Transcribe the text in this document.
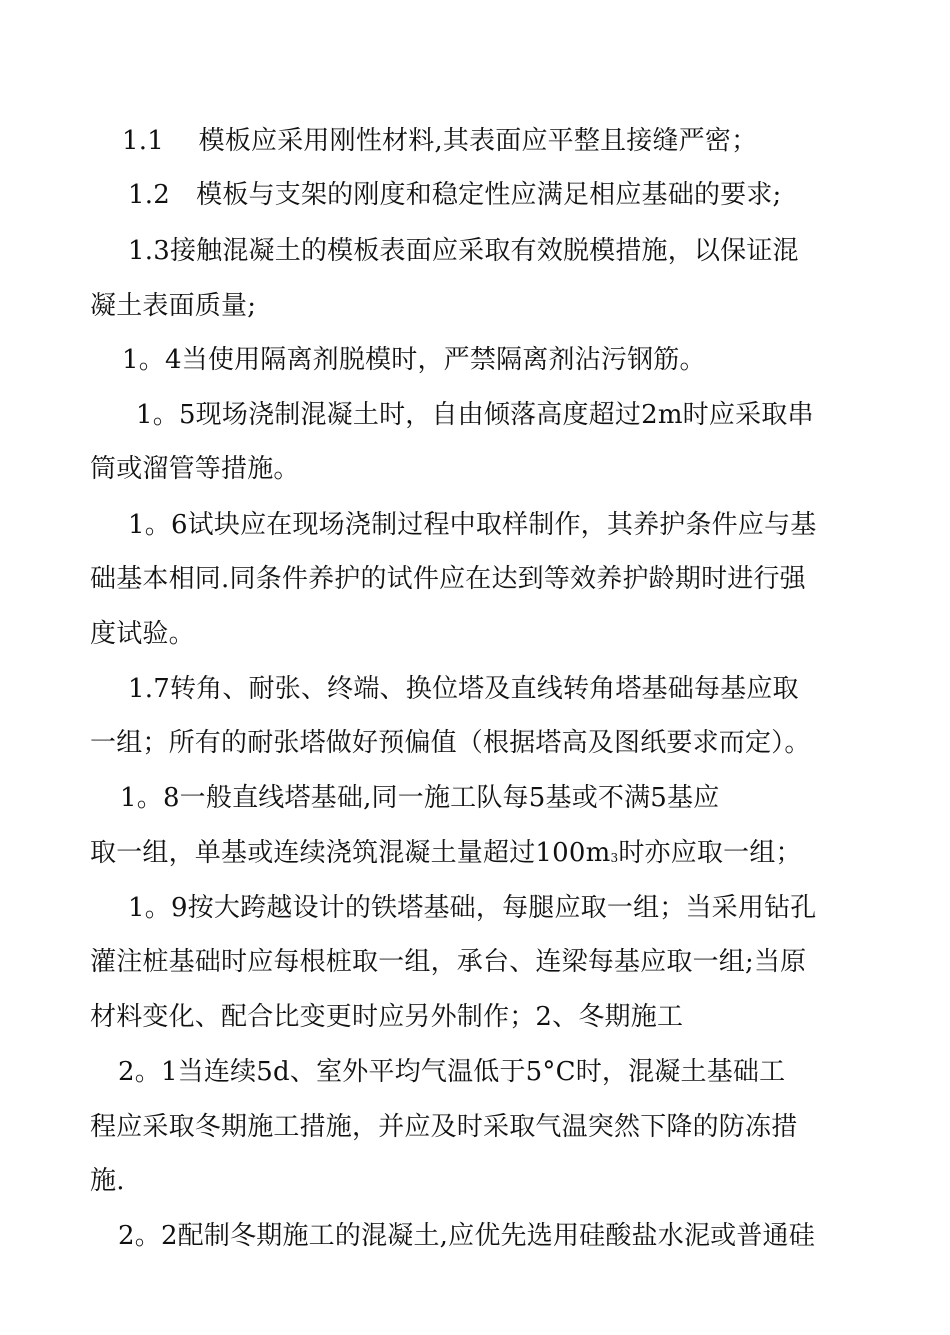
1.1　 模板应采用刚性材料,其表面应平整且接缝严密；
1.2　模板与支架的刚度和稳定性应满足相应基础的要求;
1.3接触混凝土的模板表面应采取有效脱模措施，以保证混
凝土表面质量;
1。4当使用隔离剂脱模时，严禁隔离剂沾污钢筋。
1。5现场浇制混凝土时，自由倾落高度超过2m时应采取串
筒或溜管等措施。
1。6试块应在现场浇制过程中取样制作，其养护条件应与基
础基本相同.同条件养护的试件应在达到等效养护龄期时进行强
度试验。
1.7转角、耐张、终端、换位塔及直线转角塔基础每基应取
一组；所有的耐张塔做好预偏值（根据塔高及图纸要求而定）。
1。8一般直线塔基础,同一施工队每5基或不满5基应
取一组，单基或连续浇筑混凝土量超过100m3时亦应取一组；
1。9按大跨越设计的铁塔基础，每腿应取一组；当采用钻孔
灌注桩基础时应每根桩取一组，承台、连梁每基应取一组;当原
材料变化、配合比变更时应另外制作；2、冬期施工
2。1当连续5d、室外平均气温低于5°C时，混凝土基础工
程应采取冬期施工措施，并应及时采取气温突然下降的防冻措
施.
2。2配制冬期施工的混凝土,应优先选用硅酸盐水泥或普通硅
